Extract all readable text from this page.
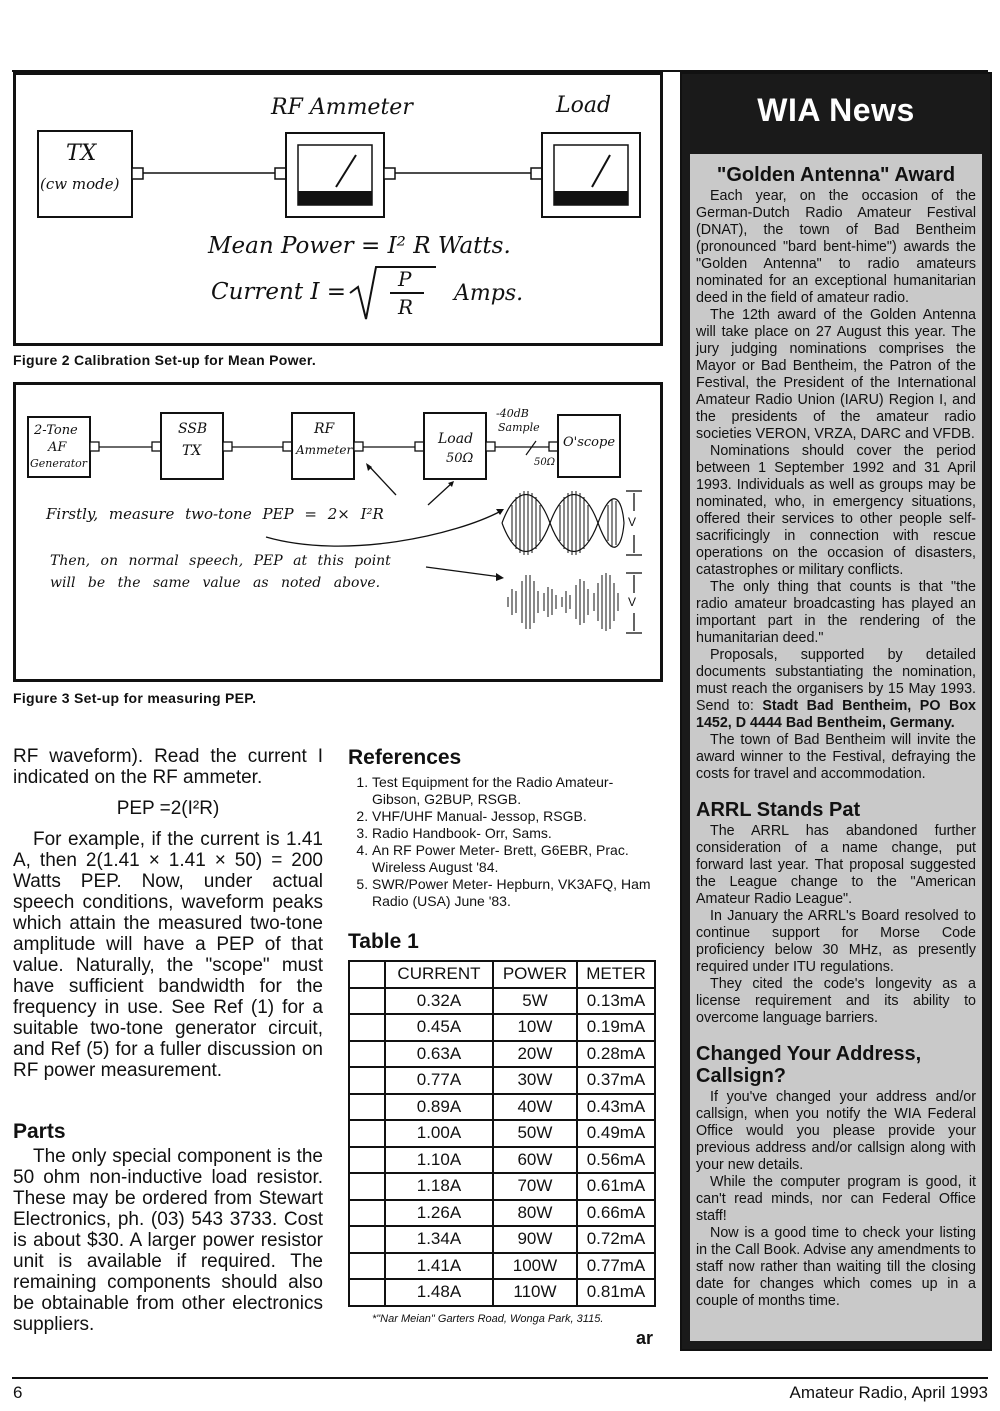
RF Ammeter	Load
TX
(cw mode)
Mean Power = I² R Watts.
Current I =	P
R
Amps.
Figure 2 Calibration Set-up for Mean Power.
2-Tone
AF
Generator
SSB
TX
RF
Ammeter
Load
50Ω
O'scope
-40dB
Sample
50Ω
Firstly, measure two-tone PEP = 2× I²R
Then, on normal speech, PEP at this point
will be the same value as noted above.
V
V
Figure 3 Set-up for measuring PEP.

RF waveform). Read the current I indicated on the RF ammeter.

PEP =2(I²R)

For example, if the current is 1.41 A, then 2(1.41 × 1.41 × 50) = 200 Watts PEP. Now, under actual speech conditions, waveform peaks which attain the measured two-tone amplitude will have a PEP of that value. Naturally, the "scope" must have sufficient bandwidth for the frequency in use. See Ref (1) for a suitable two-tone generator circuit, and Ref (5) for a fuller discussion on RF power measurement.

Parts

The only special component is the 50 ohm non-inductive load resistor. These may be ordered from Stewart Electronics, ph. (03) 543 3733. Cost is about $30. A larger power resistor unit is available if required. The remaining components should also be obtainable from other electronics suppliers.

References
1. Test Equipment for the Radio Amateur- Gibson, G2BUP, RSGB.
2. VHF/UHF Manual- Jessop, RSGB.
3. Radio Handbook- Orr, Sams.
4. An RF Power Meter- Brett, G6EBR, Prac. Wireless August '84.
5. SWR/Power Meter- Hepburn, VK3AFQ, Ham Radio (USA) June '83.
Table 1
	CURRENT	POWER	METER
	0.32A	5W	0.13mA
	0.45A	10W	0.19mA
	0.63A	20W	0.28mA
	0.77A	30W	0.37mA
	0.89A	40W	0.43mA
	1.00A	50W	0.49mA
	1.10A	60W	0.56mA
	1.18A	70W	0.61mA
	1.26A	80W	0.66mA
	1.34A	90W	0.72mA
	1.41A	100W	0.77mA
	1.48A	110W	0.81mA
*"Nar Meian" Garters Road, Wonga Park, 3115.
ar
WIA News
"Golden Antenna" Award

Each year, on the occasion of the German-Dutch Radio Amateur Festival (DNAT), the town of Bad Bentheim (pronounced "bard bent-hime") awards the "Golden Antenna" to radio amateurs nominated for an exceptional humanitarian deed in the field of amateur radio.

The 12th award of the Golden Antenna will take place on 27 August this year. The jury judging nominations comprises the Mayor or Bad Bentheim, the Patron of the Festival, the President of the International Amateur Radio Union (IARU) Region I, and the presidents of the amateur radio societies VERON, VRZA, DARC and VFDB.

Nominations should cover the period between 1 September 1992 and 31 April 1993. Individuals as well as groups may be nominated, who, in emergency situations, offered their services to other people self-sacrificingly in connection with rescue operations on the occasion of disasters, catastrophes or military conflicts.

The only thing that counts is that "the radio amateur broadcasting has played an important part in the rendering of the humanitarian deed."

Proposals, supported by detailed documents substantiating the nomination, must reach the organisers by 15 May 1993. Send to: Stadt Bad Bentheim, PO Box 1452, D 4444 Bad Bentheim, Germany.

The town of Bad Bentheim will invite the award winner to the Festival, defraying the costs for travel and accommodation.

ARRL Stands Pat

The ARRL has abandoned further consideration of a name change, put forward last year. That proposal suggested the League change to the "American Amateur Radio League".

In January the ARRL's Board resolved to continue support for Morse Code proficiency below 30 MHz, as presently required under ITU regulations.

They cited the code's longevity as a license requirement and its ability to overcome language barriers.

Changed Your Address, Callsign?

If you've changed your address and/or callsign, when you notify the WIA Federal Office would you please provide your previous address and/or callsign along with your new details.

While the computer program is good, it can't read minds, nor can Federal Office staff!

Now is a good time to check your listing in the Call Book. Advise any amendments to staff now rather than waiting till the closing date for changes which comes up in a couple of months time.

6	Amateur Radio, April 1993
